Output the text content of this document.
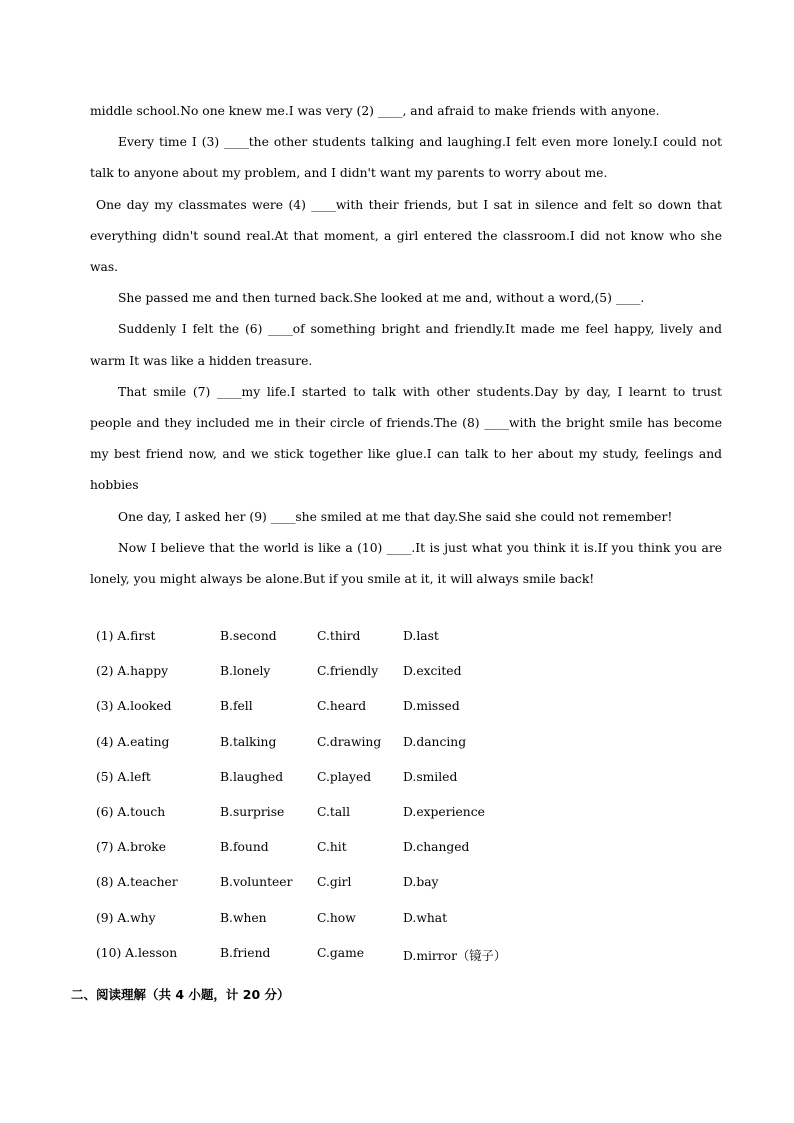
middle school.No one knew me.I was very (2) ____, and afraid to make friends with anyone.

Every time I (3) ____the other students talking and laughing.I felt even more lonely.I could not talk to anyone about my problem, and I didn't want my parents to worry about me.

One day my classmates were (4) ____with their friends, but I sat in silence and felt so down that everything didn't sound real.At that moment, a girl entered the classroom.I did not know who she was.

She passed me and then turned back.She looked at me and, without a word,(5) ____.

Suddenly I felt the (6) ____of something bright and friendly.It made me feel happy, lively and warm It was like a hidden treasure.

That smile (7) ____my life.I started to talk with other students.Day by day, I learnt to trust people and they included me in their circle of friends.The (8) ____with the bright smile has become my best friend now, and we stick together like glue.I can talk to her about my study, feelings and hobbies

One day, I asked her (9) ____she smiled at me that day.She said she could not remember!

Now I believe that the world is like a (10) ____.It is just what you think it is.If you think you are lonely, you might always be alone.But if you smile at it, it will always smile back!

(1) A.first	B.second	C.third	D.last
(2) A.happy	B.lonely	C.friendly	D.excited
(3) A.looked	B.fell	C.heard	D.missed
(4) A.eating	B.talking	C.drawing	D.dancing
(5) A.left	B.laughed	C.played	D.smiled
(6) A.touch	B.surprise	C.tall	D.experience
(7) A.broke	B.found	C.hit	D.changed
(8) A.teacher	B.volunteer	C.girl	D.bay
(9) A.why	B.when	C.how	D.what
(10) A.lesson	B.friend	C.game	D.mirror（镜子）
二、阅读理解（共 4 小题，计 20 分）
